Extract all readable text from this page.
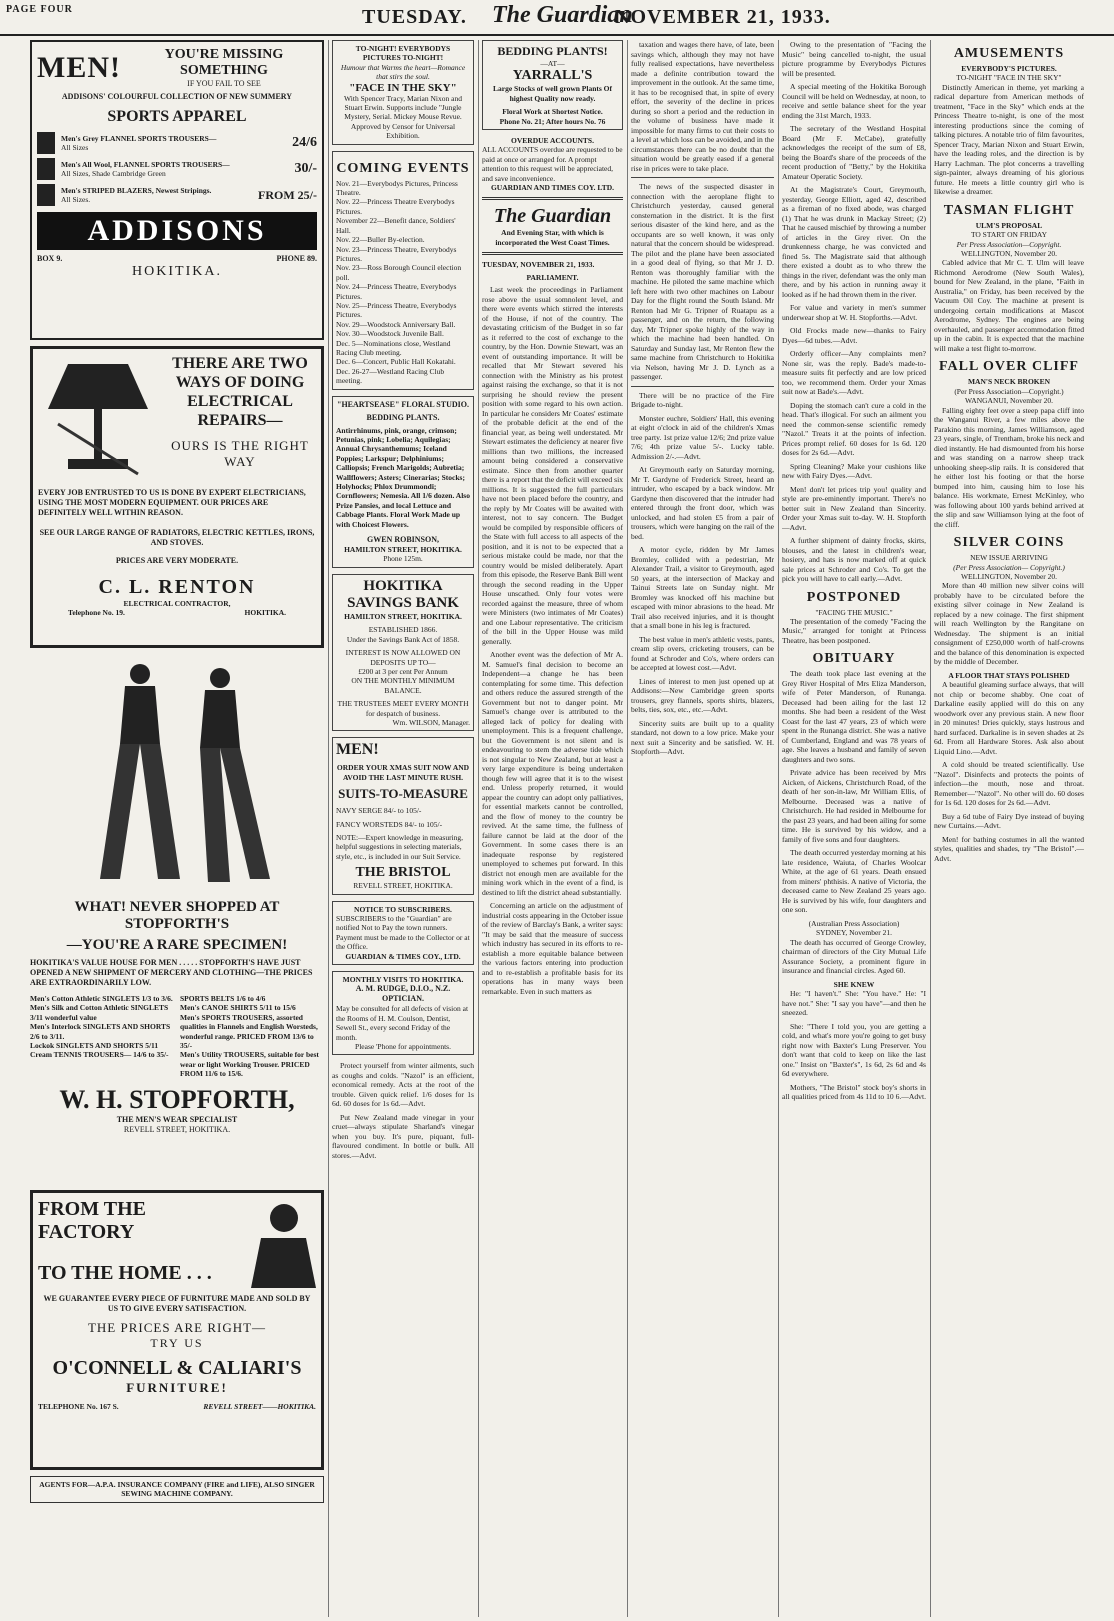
PAGE FOUR	TUESDAY. The Guardian
NOVEMBER 21, 1933.
MEN!	YOU'RE MISSING SOMETHING
IF YOU FAIL TO SEE
ADDISONS' COLOURFUL COLLECTION OF NEW SUMMERY
SPORTS APPAREL
Men's Grey FLANNEL SPORTS TROUSERS—
All Sizes	24/6
Men's All Wool, FLANNEL SPORTS TROUSERS—
All Sizes, Shade Cambridge Green	30/-
Men's STRIPED BLAZERS, Newest Stripings.
All Sizes.	FROM 25/-
ADDISONS
BOX 9.	PHONE 89.
HOKITIKA.
THERE ARE TWO WAYS OF DOING ELECTRICAL REPAIRS—
OURS IS THE RIGHT WAY
EVERY JOB ENTRUSTED TO US IS DONE BY EXPERT ELECTRICIANS, USING THE MOST MODERN EQUIPMENT. OUR PRICES ARE DEFINITELY WELL WITHIN REASON.
SEE OUR LARGE RANGE OF RADIATORS, ELECTRIC KETTLES, IRONS, AND STOVES.
PRICES ARE VERY MODERATE.
C. L. RENTON
ELECTRICAL CONTRACTOR,
Telephone No. 19.	HOKITIKA.
WHAT! NEVER SHOPPED AT STOPFORTH'S
—YOU'RE A RARE SPECIMEN!
HOKITIKA'S VALUE HOUSE FOR MEN . . . . . STOPFORTH'S HAVE JUST OPENED A NEW SHIPMENT OF MERCERY AND CLOTHING—THE PRICES ARE EXTRAORDINARILY LOW.
Men's Cotton Athletic SINGLETS 1/3 to 3/6.
Men's Silk and Cotton Athletic SINGLETS 3/11 wonderful value
Men's Interlock SINGLETS AND SHORTS 2/6 to 3/11.
Lockok SINGLETS AND SHORTS 5/11
Cream TENNIS TROUSERS— 14/6 to 35/-
SPORTS BELTS 1/6 to 4/6
Men's CANOE SHIRTS 5/11 to 15/6
Men's SPORTS TROUSERS, assorted qualities in Flannels and English Worsteds, wonderful range. PRICED FROM 13/6 to 35/-
Men's Utility TROUSERS, suitable for best wear or light Working Trouser. PRICED FROM 11/6 to 15/6.
W. H. STOPFORTH,
THE MEN'S WEAR SPECIALIST
REVELL STREET, HOKITIKA.
FROM THE FACTORY
TO THE HOME . . .
WE GUARANTEE EVERY PIECE OF FURNITURE MADE AND SOLD BY US TO GIVE EVERY SATISFACTION.
THE PRICES ARE RIGHT—
TRY US
O'CONNELL & CALIARI'S
FURNITURE!
TELEPHONE No. 167 S.	REVELL STREET——HOKITIKA.
AGENTS FOR—A.P.A. INSURANCE COMPANY (FIRE and LIFE), ALSO SINGER SEWING MACHINE COMPANY.
TO-NIGHT! EVERYBODYS PICTURES TO-NIGHT!
Humour that Warms the heart—Romance that stirs the soul.
"FACE IN THE SKY"
With Spencer Tracy, Marian Nixon and Stuart Erwin. Supports include "Jungle Mystery, Serial. Mickey Mouse Revue. Approved by Censor for Universal Exhibition.
COMING EVENTS
Nov. 21—Everybodys Pictures, Princess Theatre.
Nov. 22—Princess Theatre Everybodys Pictures.
November 22—Benefit dance, Soldiers' Hall.
Nov. 22—Buller By-election.
Nov. 23—Princess Theatre, Everybodys Pictures.
Nov. 23—Ross Borough Council election poll.
Nov. 24—Princess Theatre, Everybodys Pictures.
Nov. 25—Princess Theatre, Everybodys Pictures.
Nov. 29—Woodstock Anniversary Ball.
Nov. 30—Woodstock Juvenile Ball.
Dec. 5—Nominations close, Westland Racing Club meeting.
Dec. 6—Concert, Public Hall Kokatahi.
Dec. 26-27—Westland Racing Club meeting.
"HEARTSEASE" FLORAL STUDIO.
BEDDING PLANTS.
Antirrhinums, pink, orange, crimson; Petunias, pink; Lobelia; Aquilegias; Annual Chrysanthemums; Iceland Poppies; Larkspur; Delphiniums; Calliopsis; French Marigolds; Aubretia; Wallflowers; Asters; Cinerarias; Stocks; Holyhocks; Phlox Drummondi; Cornflowers; Nemesia. All 1/6 dozen. Also Prize Pansies, and local Lettuce and Cabbage Plants. Floral Work Made up with Choicest Flowers.
GWEN ROBINSON,
HAMILTON STREET, HOKITIKA.
Phone 125m.
HOKITIKA SAVINGS BANK
HAMILTON STREET, HOKITIKA.
ESTABLISHED 1866.
Under the Savings Bank Act of 1858.
INTEREST IS NOW ALLOWED ON DEPOSITS UP TO—
£200 at 3 per cent Per Annum
ON THE MONTHLY MINIMUM BALANCE.
THE TRUSTEES MEET EVERY MONTH for despatch of business.
Wm. WILSON, Manager.
MEN!
ORDER YOUR XMAS SUIT NOW AND AVOID THE LAST MINUTE RUSH.
SUITS-TO-MEASURE
NAVY SERGE 84/- to 105/-
FANCY WORSTEDS 84/- to 105/-
NOTE:—Expert knowledge in measuring, helpful suggestions in selecting materials, style, etc., is included in our Suit Service.
THE BRISTOL
REVELL STREET, HOKITIKA.
NOTICE TO SUBSCRIBERS.
SUBSCRIBERS to the "Guardian" are notified Not to Pay the town runners. Payment must be made to the Collector or at the Office.
GUARDIAN & TIMES COY., LTD.
MONTHLY VISITS TO HOKITIKA.
A. M. RUDGE, D.I.O., N.Z. OPTICIAN.
May be consulted for all defects of vision at the Rooms of H. M. Coulson, Dentist, Sewell St., every second Friday of the month.
Please 'Phone for appointments.

Protect yourself from winter ailments, such as coughs and colds. "Nazol" is an efficient, economical remedy. Acts at the root of the trouble. Given quick relief. 1/6 doses for 1s 6d. 60 doses for 1s 6d.—Advt.

Put New Zealand made vinegar in your cruet—always stipulate Sharland's vinegar when you buy. It's pure, piquant, full-flavoured condiment. In bottle or bulk. All stores.—Advt.

BEDDING PLANTS!
—AT—
YARRALL'S
Large Stocks of well grown Plants Of highest Quality now ready.
Floral Work at Shortest Notice.
Phone No. 21; After hours No. 76
OVERDUE ACCOUNTS.
ALL ACCOUNTS overdue are requested to be paid at once or arranged for. A prompt attention to this request will be appreciated, and save inconvenience.
GUARDIAN AND TIMES COY. LTD.
The Guardian
And Evening Star, with which is incorporated the West Coast Times.
TUESDAY, NOVEMBER 21, 1933.
PARLIAMENT.

Last week the proceedings in Parliament rose above the usual somnolent level, and there were events which stirred the interests of the House, if not of the country. The devastating criticism of the Budget in so far as it referred to the cost of exchange to the country, by the Hon. Downie Stewart, was an event of outstanding importance. It will be recalled that Mr Stewart severed his connection with the Ministry as his protest against raising the exchange, so that it is not surprising he should review the present position with some regard to his own action. In particular he considers Mr Coates' estimate of the probable deficit at the end of the financial year, as being well understated. Mr Stewart estimates the deficiency at nearer five millions than two millions, the increased amount being considered a conservative estimate. Since then from another quarter there is a report that the deficit will exceed six millions. It is suggested the full particulars have not been placed before the country, and the reply by Mr Coates will be awaited with interest, not to say concern. The Budget would be compiled by responsible officers of the State with full access to all aspects of the position, and it is not to be expected that a serious mistake could be made, nor that the country would be misled deliberately. Apart from this episode, the Reserve Bank Bill went through the second reading in the Upper House unscathed. Only four votes were recorded against the measure, three of whom were Ministers (two intimates of Mr Coates) and one Labour representative. The criticism of the bill in the Upper House was mild generally.

Another event was the defection of Mr A. M. Samuel's final decision to become an Independent—a change he has been contemplating for some time. This defection and others reduce the assured strength of the Government but not to danger point. Mr Samuel's change over is attributed to the alleged lack of policy for dealing with unemployment. This is a frequent challenge, but the Government is not silent and is endeavouring to stem the adverse tide which is not singular to New Zealand, but at least a very large expenditure is being undertaken though few will agree that it is to the wisest end. Unless properly returned, it would appear the country can adopt only palliatives, for essential markets cannot be controlled, and the flow of money to the country be revived. At the same time, the fullness of failure cannot be laid at the door of the Government. In some cases there is an inadequate response by registered unemployed to schemes put forward. In this district not enough men are available for the mining work which in the event of a find, is destined to lift the district ahead substantially.

Concerning an article on the adjustment of industrial costs appearing in the October issue of the review of Barclay's Bank, a writer says: "It may be said that the measure of success which industry has secured in its efforts to re-establish a more equitable balance between the various factors entering into production and to re-establish a profitable basis for its operations has in many ways been remarkable. Even in such matters as

taxation and wages there have, of late, been savings which, although they may not have fully realised expectations, have nevertheless made a definite contribution toward the improvement in the outlook. At the same time, it has to be recognised that, in spite of every effort, the severity of the decline in prices during so short a period and the reduction in the volume of business have made it impossible for many firms to cut their costs to a level at which loss can be avoided, and in the circumstances there can be no doubt that the situation would be greatly eased if a general rise in prices were to take place.

The news of the suspected disaster in connection with the aeroplane flight to Christchurch yesterday, caused general consternation in the district. It is the first serious disaster of the kind here, and as the occupants are so well known, it was only natural that the concern should be widespread. The pilot and the plane have been associated in a good deal of flying, so that Mr J. D. Renton was thoroughly familiar with the machine. He piloted the same machine which left here with two other machines on Labour Day for the flight round the South Island. Mr Renton had Mr G. Tripner of Ruatapu as a passenger, and on the return, the following day, Mr Tripner spoke highly of the way in which the machine had been handled. On Saturday and Sunday last, Mr Renton flew the same machine from Christchurch to Hokitika via Nelson, having Mr J. D. Lynch as a passenger.

There will be no practice of the Fire Brigade to-night.

Monster euchre, Soldiers' Hall, this evening at eight o'clock in aid of the children's Xmas tree party. 1st prize value 12/6; 2nd prize value 7/6; 4th prize value 5/-. Lucky table. Admission 2/-.—Advt.

At Greymouth early on Saturday morning, Mr T. Gardyne of Frederick Street, heard an intruder, who escaped by a back window. Mr Gardyne then discovered that the intruder had entered through the front door, which was unlocked, and had stolen £5 from a pair of trousers, which were hanging on the rail of the bed.

A motor cycle, ridden by Mr James Bromley, collided with a pedestrian, Mr Alexander Trail, a visitor to Greymouth, aged 50 years, at the intersection of Mackay and Tainui Streets late on Sunday night. Mr Bromley was knocked off his machine but escaped with minor abrasions to the head. Mr Trail also received injuries, and it is thought that a small bone in his leg is fractured.

The best value in men's athletic vests, pants, cream slip overs, cricketing trousers, can be found at Schroder and Co's, where orders can be accepted at lowest cost.—Advt.

Lines of interest to men just opened up at Addisons:—New Cambridge green sports trousers, grey flannels, sports shirts, blazers, belts, ties, sox, etc., etc.—Advt.

Sincerity suits are built up to a quality standard, not down to a low price. Make your next suit a Sincerity and be satisfied. W. H. Stopforth—Advt.

Owing to the presentation of "Facing the Music" being cancelled to-night, the usual picture programme by Everybodys Pictures will be presented.

A special meeting of the Hokitika Borough Council will be held on Wednesday, at noon, to receive and settle balance sheet for the year ending the 31st March, 1933.

The secretary of the Westland Hospital Board (Mr F. McCabe), gratefully acknowledges the receipt of the sum of £8, being the Board's share of the proceeds of the recent production of "Betty," by the Hokitika Amateur Operatic Society.

At the Magistrate's Court, Greymouth, yesterday, George Elliott, aged 42, described as a fireman of no fixed abode, was charged (1) That he was drunk in Mackay Street; (2) That he caused mischief by throwing a number of articles in the Grey river. On the drunkenness charge, he was convicted and fined 5s. The Magistrate said that although there existed a doubt as to who threw the things in the river, defendant was the only man there, and by his action in running away it looked as if he had thrown them in the river.

For value and variety in men's summer underwear shop at W. H. Stopforths.—Advt.

Old Frocks made new—thanks to Fairy Dyes—6d tubes.—Advt.

Orderly officer—Any complaints men? None sir, was the reply. Bade's made-to-measure suits fit perfectly and are low priced too, we recommend them. Order your Xmas suit now at Bade's.—Advt.

Doping the stomach can't cure a cold in the head. That's illogical. For such an ailment you need the common-sense scientific remedy "Nazol." Treats it at the points of infection. Prices prompt relief. 60 doses for 1s 6d. 120 doses for 2s 6d.—Advt.

Spring Cleaning? Make your cushions like new with Fairy Dyes.—Advt.

Men! don't let prices trip you! quality and style are pre-eminently important. There's no better suit in New Zealand than Sincerity. Order your Xmas suit to-day. W. H. Stopforth—Advt.

A further shipment of dainty frocks, skirts, blouses, and the latest in children's wear, hosiery, and hats is now marked off at quick sale prices at Schroder and Co's. To get the pick you will have to call early.—Advt.

POSTPONED
"FACING THE MUSIC."

The presentation of the comedy "Facing the Music," arranged for tonight at Princess Theatre, has been postponed.

OBITUARY

The death took place last evening at the Grey River Hospital of Mrs Eliza Manderson, wife of Peter Manderson, of Runanga. Deceased had been ailing for the last 12 months. She had been a resident of the West Coast for the last 47 years, 23 of which were spent in the Runanga district. She was a native of Cumberland, England and was 78 years of age. She leaves a husband and family of seven daughters and two sons.

Private advice has been received by Mrs Aicken, of Aickens, Christchurch Road, of the death of her son-in-law, Mr William Ellis, of Melbourne. Deceased was a native of Christchurch. He had resided in Melbourne for the past 23 years, and had been ailing for some time. He is survived by his widow, and a family of five sons and four daughters.

The death occurred yesterday morning at his late residence, Waiuta, of Charles Woolcar White, at the age of 61 years. Death ensued from miners' phthisis. A native of Victoria, the deceased came to New Zealand 25 years ago. He is survived by his wife, four daughters and one son.

(Australian Press Association)
SYDNEY, November 21.

The death has occurred of George Crowley, chairman of directors of the City Mutual Life Assurance Society, a prominent figure in insurance and financial circles. Aged 60.

SHE KNEW

He: "I haven't." She: "You have." He: "I have not." She: "I say you have"—and then he sneezed.

She: "There I told you, you are getting a cold, and what's more you're going to get busy right now with Baxter's Lung Preserver. You don't want that cold to keep on like the last one." Insist on "Baxter's", 1s 6d, 2s 6d and 4s 6d everywhere.

Mothers, "The Bristol" stock boy's shorts in all qualities priced from 4s 11d to 10 6.—Advt.

AMUSEMENTS
EVERYBODY'S PICTURES.
TO-NIGHT "FACE IN THE SKY"

Distinctly American in theme, yet marking a radical departure from American methods of treatment, "Face in the Sky" which ends at the Princess Theatre to-night, is one of the most interesting productions since the coming of talking pictures. A notable trio of film favourites, Spencer Tracy, Marian Nixon and Stuart Erwin, have the leading roles, and the direction is by Harry Lachman. The plot concerns a travelling sign-painter, always dreaming of his glorious future. He meets a little country girl who is likewise a dreamer.

TASMAN FLIGHT
ULM'S PROPOSAL
TO START ON FRIDAY
Per Press Association—Copyright.
WELLINGTON, November 20.

Cabled advice that Mr C. T. Ulm will leave Richmond Aerodrome (New South Wales), bound for New Zealand, in the plane, "Faith in Australia," on Friday, has been received by the Vacuum Oil Coy. The machine at present is undergoing certain modifications at Mascot Aerodrome, Sydney. The engines are being overhauled, and passenger accommodation fitted up in the cabin. It is expected that the machine will make a test flight to-morrow.

FALL OVER CLIFF
MAN'S NECK BROKEN
(Per Press Association—Copyright.)
WANGANUI, November 20.

Falling eighty feet over a steep papa cliff into the Wanganui River, a few miles above the Parakino this morning, James Williamson, aged 23 years, single, of Trentham, broke his neck and died instantly. He had dismounted from his horse and was standing on a narrow sheep track unhooking sheep-slip rails. It is considered that he either lost his footing or that the horse bumped into him, causing him to lose his balance. His workmate, Ernest McKinley, who was following about 100 yards behind arrived at the slip and saw Williamson lying at the foot of the cliff.

SILVER COINS
NEW ISSUE ARRIVING
(Per Press Association— Copyright.)
WELLINGTON, November 20.

More than 40 million new silver coins will probably have to be circulated before the existing silver coinage in New Zealand is replaced by a new coinage. The first shipment will reach Wellington by the Rangitane on Wednesday. The shipment is an initial consignment of £250,000 worth of half-crowns and the balance of this denomination is expected by the middle of December.

A FLOOR THAT STAYS POLISHED

A beautiful gleaming surface always, that will not chip or become shabby. One coat of Darkaline easily applied will do this on any woodwork over any previous stain. A new floor in 20 minutes! Dries quickly, stays lustrous and hard surfaced. Darkaline is in seven shades at 2s 6d. From all Hardware Stores. Ask also about Liquid Lino.—Advt.

A cold should be treated scientifically. Use "Nazol". Disinfects and protects the points of infection—the mouth, nose and throat. Remember—"Nazol". No other will do. 60 doses for 1s 6d. 120 doses for 2s 6d.—Advt.

Buy a 6d tube of Fairy Dye instead of buying new Curtains.—Advt.

Men! for bathing costumes in all the wanted styles, qualities and shades, try "The Bristol".—Advt.
